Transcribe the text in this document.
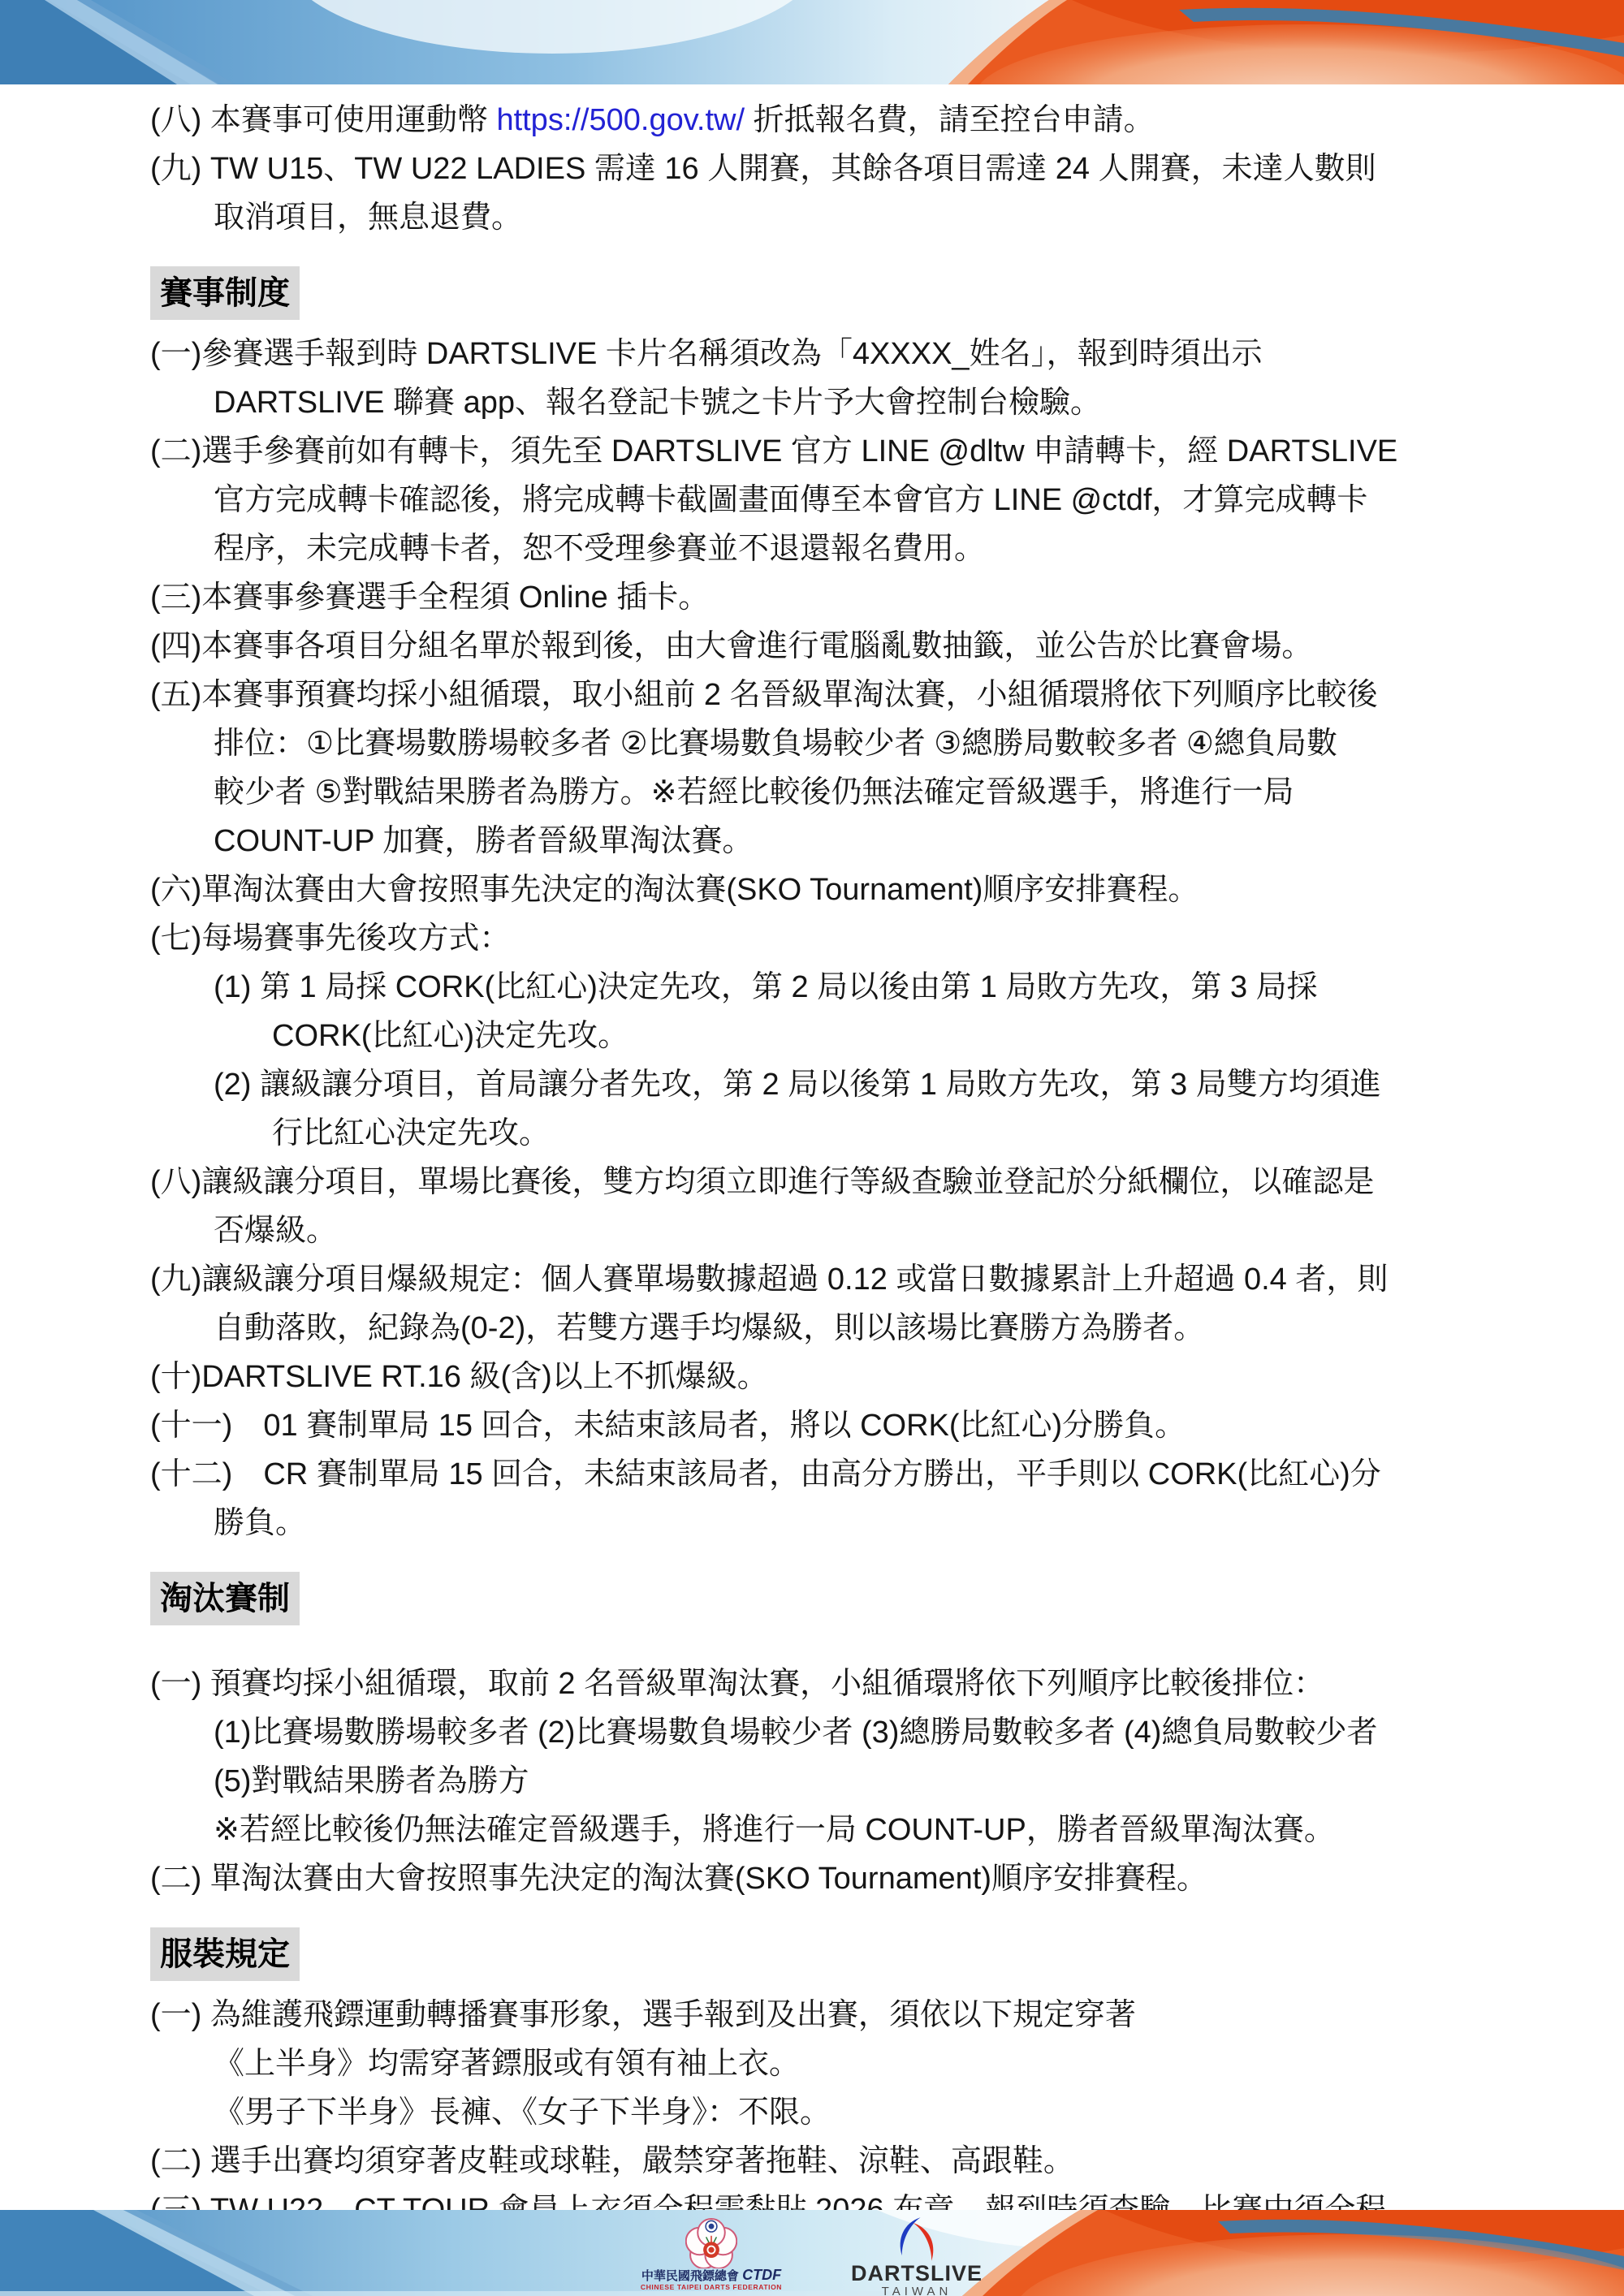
(八) 本賽事可使用運動幣 https://500.gov.tw/ 折抵報名費，請至控台申請。
(九) TW U15、TW U22 LADIES 需達 16 人開賽，其餘各項目需達 24 人開賽，未達人數則
取消項目，無息退費。
賽事制度
(一)參賽選手報到時 DARTSLIVE 卡片名稱須改為「4XXXX_姓名」，報到時須出示
DARTSLIVE 聯賽 app、報名登記卡號之卡片予大會控制台檢驗。
(二)選手參賽前如有轉卡，須先至 DARTSLIVE 官方 LINE @dltw 申請轉卡，經 DARTSLIVE
官方完成轉卡確認後，將完成轉卡截圖畫面傳至本會官方 LINE @ctdf，才算完成轉卡
程序，未完成轉卡者，恕不受理參賽並不退還報名費用。
(三)本賽事參賽選手全程須 Online 插卡。
(四)本賽事各項目分組名單於報到後，由大會進行電腦亂數抽籤，並公告於比賽會場。
(五)本賽事預賽均採小組循環，取小組前 2 名晉級單淘汰賽，小組循環將依下列順序比較後
排位：①比賽場數勝場較多者 ②比賽場數負場較少者 ③總勝局數較多者 ④總負局數
較少者 ⑤對戰結果勝者為勝方。※若經比較後仍無法確定晉級選手，將進行一局
COUNT-UP 加賽，勝者晉級單淘汰賽。
(六)單淘汰賽由大會按照事先決定的淘汰賽(SKO Tournament)順序安排賽程。
(七)每場賽事先後攻方式：
(1) 第 1 局採 CORK(比紅心)決定先攻，第 2 局以後由第 1 局敗方先攻，第 3 局採
CORK(比紅心)決定先攻。
(2) 讓級讓分項目，首局讓分者先攻，第 2 局以後第 1 局敗方先攻，第 3 局雙方均須進
行比紅心決定先攻。
(八)讓級讓分項目，單場比賽後，雙方均須立即進行等級查驗並登記於分紙欄位，以確認是
否爆級。
(九)讓級讓分項目爆級規定：個人賽單場數據超過 0.12 或當日數據累計上升超過 0.4 者，則
自動落敗，紀錄為(0-2)，若雙方選手均爆級，則以該場比賽勝方為勝者。
(十)DARTSLIVE RT.16 級(含)以上不抓爆級。
(十一)　01 賽制單局 15 回合，未結束該局者，將以 CORK(比紅心)分勝負。
(十二)　CR 賽制單局 15 回合，未結束該局者，由高分方勝出，平手則以 CORK(比紅心)分
勝負。
淘汰賽制
(一) 預賽均採小組循環，取前 2 名晉級單淘汰賽，小組循環將依下列順序比較後排位：
(1)比賽場數勝場較多者 (2)比賽場數負場較少者 (3)總勝局數較多者 (4)總負局數較少者
(5)對戰結果勝者為勝方
※若經比較後仍無法確定晉級選手，將進行一局 COUNT-UP，勝者晉級單淘汰賽。
(二) 單淘汰賽由大會按照事先決定的淘汰賽(SKO Tournament)順序安排賽程。
服裝規定
(一) 為維護飛鏢運動轉播賽事形象，選手報到及出賽，須依以下規定穿著
《上半身》均需穿著鏢服或有領有袖上衣。
《男子下半身》長褲、《女子下半身》：不限。
(二) 選手出賽均須穿著皮鞋或球鞋，嚴禁穿著拖鞋、涼鞋、高跟鞋。
中華民國飛鏢總會 CTDF
CHINESE TAIPEI DARTS FEDERATION
DARTSLIVE
TAIWAN
